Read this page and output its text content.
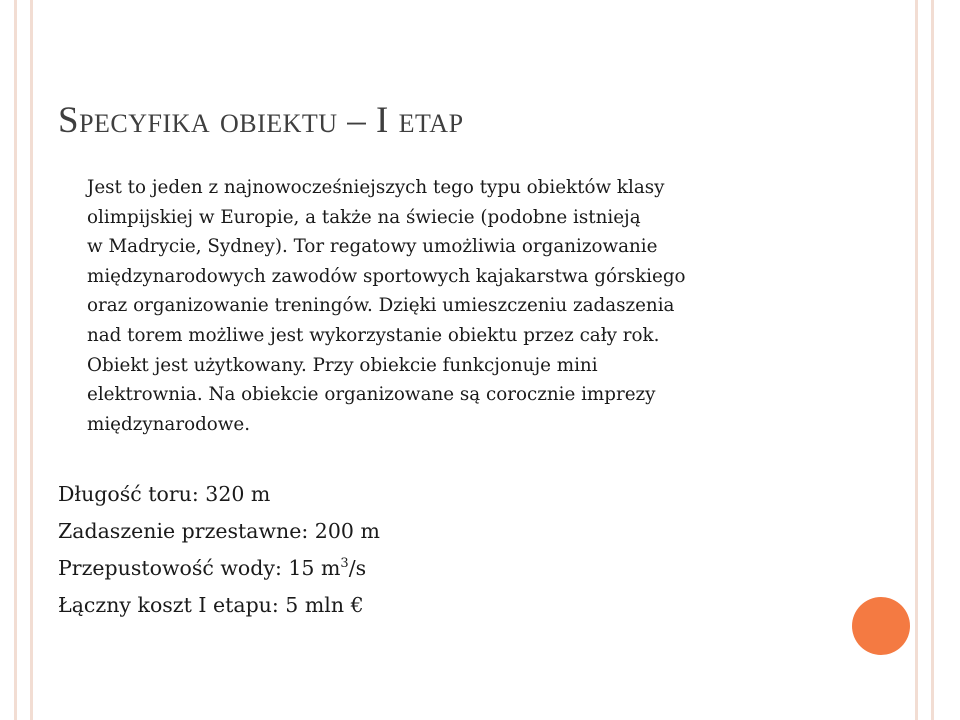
Specyfika obiektu – I etap

Jest to jeden z najnowocześniejszych tego typu obiektów klasy
olimpijskiej w Europie, a także na świecie (podobne istnieją
w Madrycie, Sydney). Tor regatowy umożliwia organizowanie
międzynarodowych zawodów sportowych kajakarstwa górskiego
oraz organizowanie treningów. Dzięki umieszczeniu zadaszenia
nad torem możliwe jest wykorzystanie obiektu przez cały rok.
Obiekt jest użytkowany. Przy obiekcie funkcjonuje mini
elektrownia. Na obiekcie organizowane są corocznie imprezy
międzynarodowe.

Długość toru: 320 m
Zadaszenie przestawne: 200 m
Przepustowość wody: 15 $m^3/s$
Łączny koszt I etapu: 5 mln €
